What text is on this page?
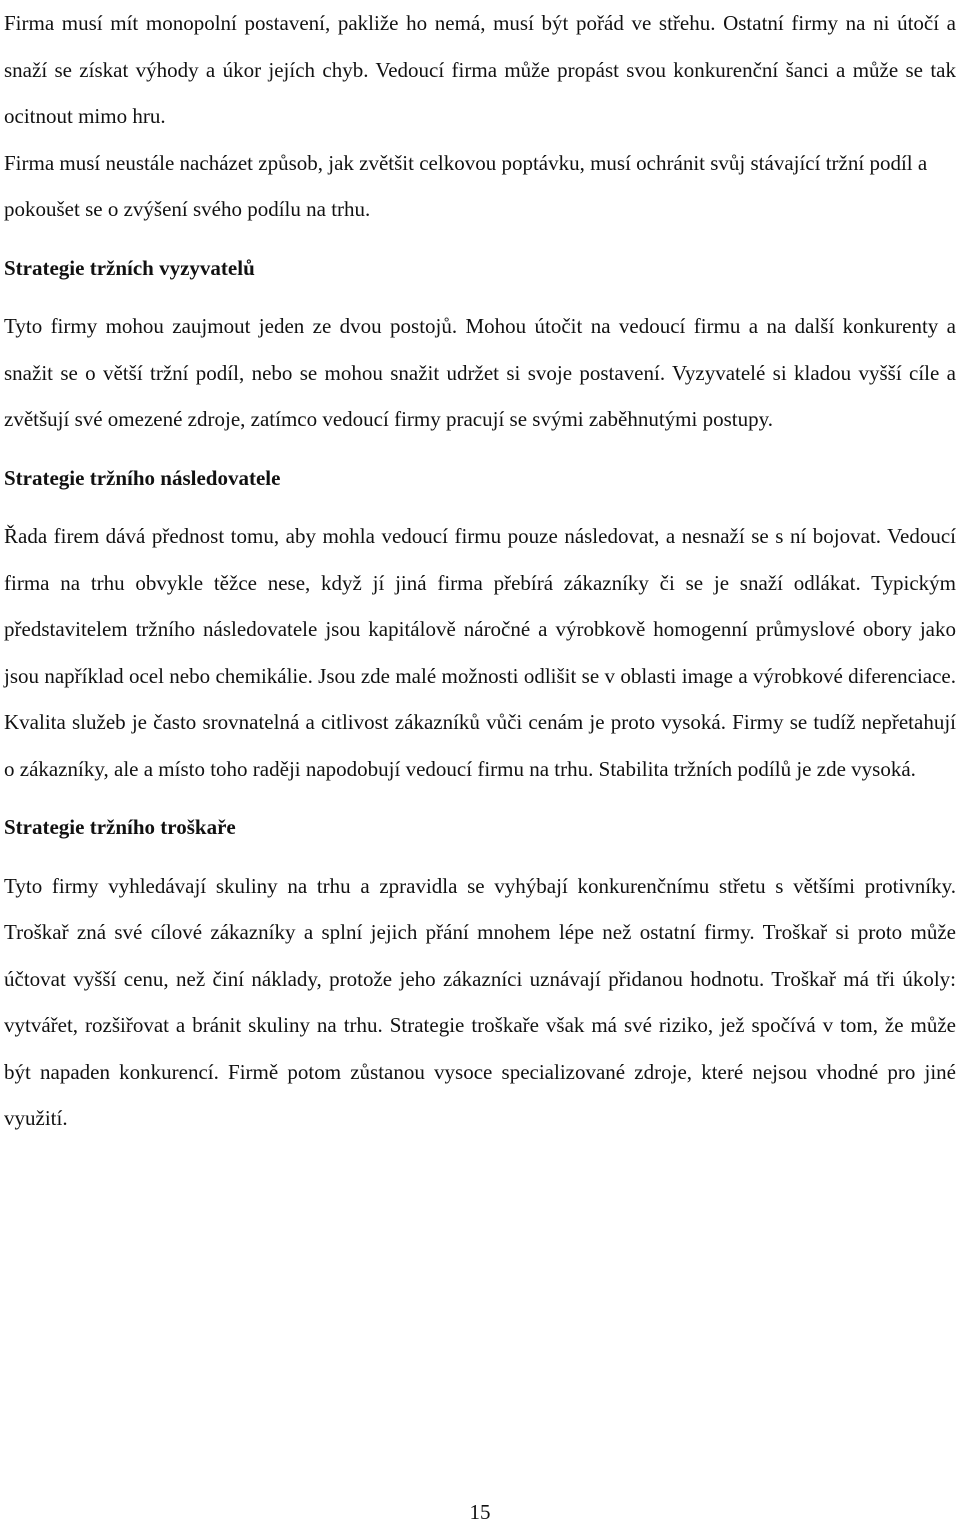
Firma musí mít monopolní postavení, pakliže ho nemá, musí být pořád ve střehu. Ostatní firmy na ni útočí a snaží se získat výhody a úkor jejích chyb. Vedoucí firma může propást svou konkurenční šanci a může se tak ocitnout mimo hru.

Firma musí neustále nacházet způsob, jak zvětšit celkovou poptávku, musí ochránit svůj stávající tržní podíl a pokoušet se o zvýšení svého podílu na trhu.

Strategie tržních vyzyvatelů

Tyto firmy mohou zaujmout jeden ze dvou postojů. Mohou útočit na vedoucí firmu a na další konkurenty a snažit se o větší tržní podíl, nebo se mohou snažit udržet si svoje postavení. Vyzyvatelé si kladou vyšší cíle a zvětšují své omezené zdroje, zatímco vedoucí firmy pracují se svými zaběhnutými postupy.

Strategie tržního následovatele

Řada firem dává přednost tomu, aby mohla vedoucí firmu pouze následovat, a nesnaží se s ní bojovat. Vedoucí firma na trhu obvykle těžce nese, když jí jiná firma přebírá zákazníky či se je snaží odlákat. Typickým představitelem tržního následovatele jsou kapitálově náročné a výrobkově homogenní průmyslové obory jako jsou například ocel nebo chemikálie. Jsou zde malé možnosti odlišit se v oblasti image a výrobkové diferenciace. Kvalita služeb je často srovnatelná a citlivost zákazníků vůči cenám je proto vysoká. Firmy se tudíž nepřetahují o zákazníky, ale a místo toho raději napodobují vedoucí firmu na trhu. Stabilita tržních podílů je zde vysoká.

Strategie tržního troškaře

Tyto firmy vyhledávají skuliny na trhu a zpravidla se vyhýbají konkurenčnímu střetu s většími protivníky. Troškař zná své cílové zákazníky a splní jejich přání mnohem lépe než ostatní firmy. Troškař si proto může účtovat vyšší cenu, než činí náklady, protože jeho zákazníci uznávají přidanou hodnotu. Troškař má tři úkoly: vytvářet, rozšiřovat a bránit skuliny na trhu. Strategie troškaře však má své riziko, jež spočívá v tom, že může být napaden konkurencí. Firmě potom zůstanou vysoce specializované zdroje, které nejsou vhodné pro jiné využití.

15
